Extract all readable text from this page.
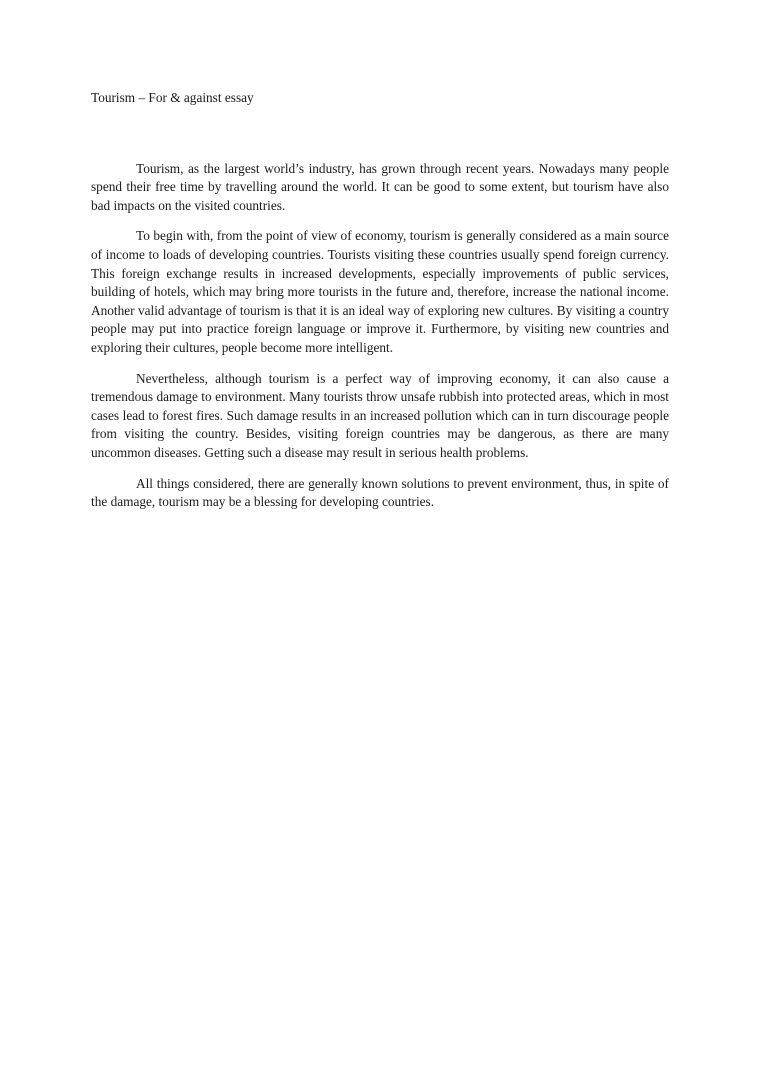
Tourism – For & against essay

Tourism, as the largest world’s industry, has grown through recent years. Nowadays many people spend their free time by travelling around the world. It can be good to some extent, but tourism have also bad impacts on the visited countries.

To begin with, from the point of view of economy, tourism is generally considered as a main source of income to loads of developing countries. Tourists visiting these countries usually spend foreign currency. This foreign exchange results in increased developments, especially improvements of public services, building of hotels, which may bring more tourists in the future and, therefore, increase the national income. Another valid advantage of tourism is that it is an ideal way of exploring new cultures. By visiting a country people may put into practice foreign language or improve it. Furthermore, by visiting new countries and exploring their cultures, people become more intelligent.

Nevertheless, although tourism is a perfect way of improving economy, it can also cause a tremendous damage to environment. Many tourists throw unsafe rubbish into protected areas, which in most cases lead to forest fires. Such damage results in an increased pollution which can in turn discourage people from visiting the country. Besides, visiting foreign countries may be dangerous, as there are many uncommon diseases. Getting such a disease may result in serious health problems.

All things considered, there are generally known solutions to prevent environment, thus, in spite of the damage, tourism may be a blessing for developing countries.
